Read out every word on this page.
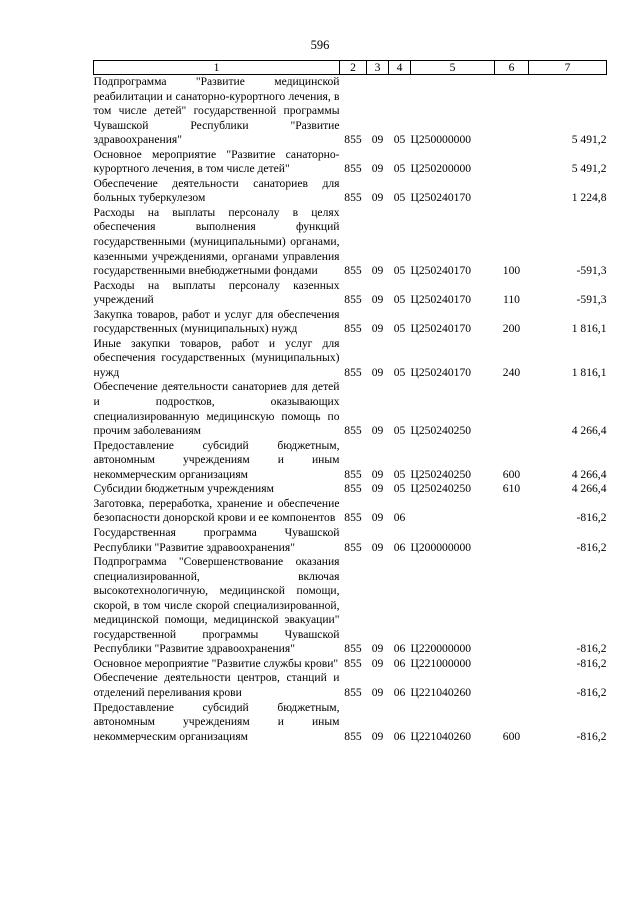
596
1	2	3	4	5	6	7
Подпрограмма "Развитие медицинской реабилитации и санаторно-курортного лечения, в том числе детей" государственной программы Чувашской Республики "Развитие здравоохранения"	855	09	05	Ц250000000		5 491,2
Основное мероприятие "Развитие санаторно-курортного лечения, в том числе детей"	855	09	05	Ц250200000		5 491,2
Обеспечение деятельности санаториев для больных туберкулезом	855	09	05	Ц250240170		1 224,8
Расходы на выплаты персоналу в целях обеспечения выполнения функций государственными (муниципальными) органами, казенными учреждениями, органами управления государственными внебюджетными фондами	855	09	05	Ц250240170	100	-591,3
Расходы на выплаты персоналу казенных учреждений	855	09	05	Ц250240170	110	-591,3
Закупка товаров, работ и услуг для обеспечения государственных (муниципальных) нужд	855	09	05	Ц250240170	200	1 816,1
Иные закупки товаров, работ и услуг для обеспечения государственных (муниципальных) нужд	855	09	05	Ц250240170	240	1 816,1
Обеспечение деятельности санаториев для детей и подростков, оказывающих специализированную медицинскую помощь по прочим заболеваниям	855	09	05	Ц250240250		4 266,4
Предоставление субсидий бюджетным, автономным учреждениям и иным некоммерческим организациям	855	09	05	Ц250240250	600	4 266,4
Субсидии бюджетным учреждениям	855	09	05	Ц250240250	610	4 266,4
Заготовка, переработка, хранение и обеспечение безопасности донорской крови и ее компонентов	855	09	06			-816,2
Государственная программа Чувашской Республики "Развитие здравоохранения"	855	09	06	Ц200000000		-816,2
Подпрограмма "Совершенствование оказания специализированной, включая высокотехнологичную, медицинской помощи, скорой, в том числе скорой специализированной, медицинской помощи, медицинской эвакуации" государственной программы Чувашской Республики "Развитие здравоохранения"	855	09	06	Ц220000000		-816,2
Основное мероприятие "Развитие службы крови"	855	09	06	Ц221000000		-816,2
Обеспечение деятельности центров, станций и отделений переливания крови	855	09	06	Ц221040260		-816,2
Предоставление субсидий бюджетным, автономным учреждениям и иным некоммерческим организациям	855	09	06	Ц221040260	600	-816,2
